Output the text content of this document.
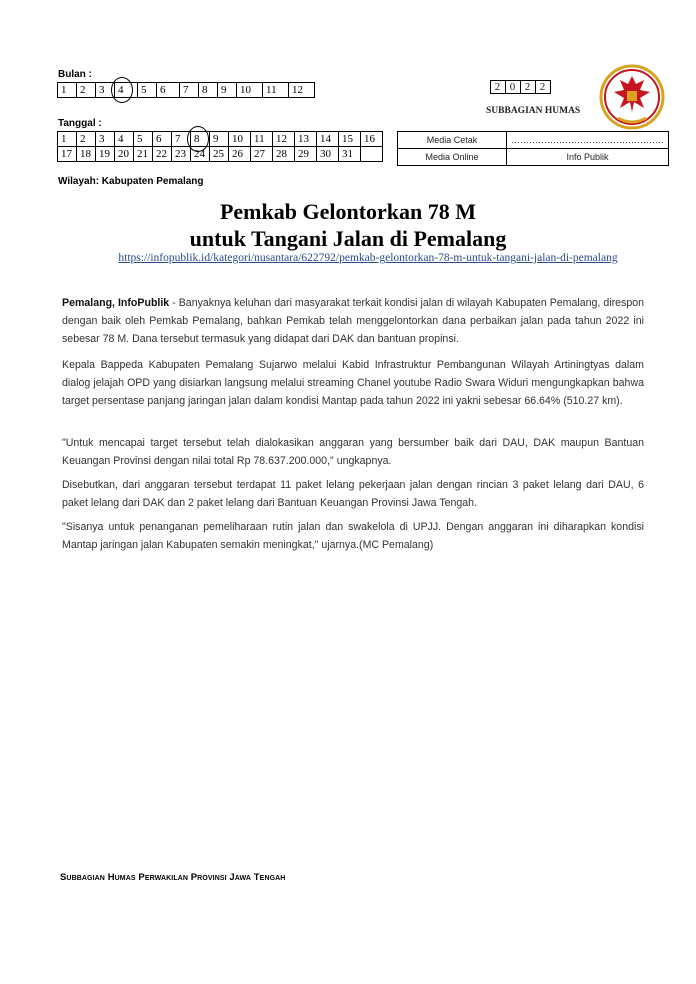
Bulan :
1	2	3	4	5	6	7	8	9	10	11	12
Tanggal :
1	2	3	4	5	6	7	8	9	10	11	12	13	14	15	16
17	18	19	20	21	22	23	24	25	26	27	28	29	30	31	
2	0	2	2
SUBBAGIAN HUMAS
Media Cetak	……………………………………………
Media Online	Info Publik
Wilayah: Kabupaten Pemalang
Pemkab Gelontorkan 78 M
untuk Tangani Jalan di Pemalang
https://infopublik.id/kategori/nusantara/622792/pemkab-gelontorkan-78-m-untuk-tangani-jalan-di-pemalang
Pemalang, InfoPublik - Banyaknya keluhan dari masyarakat terkait kondisi jalan di wilayah Kabupaten Pemalang, direspon dengan baik oleh Pemkab Pemalang, bahkan Pemkab telah menggelontorkan dana perbaikan jalan pada tahun 2022 ini sebesar 78 M. Dana tersebut termasuk yang didapat dari DAK dan bantuan propinsi.
Kepala Bappeda Kabupaten Pemalang Sujarwo melalui Kabid Infrastruktur Pembangunan Wilayah Artiningtyas dalam dialog jelajah OPD yang disiarkan langsung melalui streaming Chanel youtube Radio Swara Widuri mengungkapkan bahwa target persentase panjang jaringan jalan dalam kondisi Mantap pada tahun 2022 ini yakni sebesar 66.64% (510.27 km).
"Untuk mencapai target tersebut telah dialokasikan anggaran yang bersumber baik dari DAU, DAK maupun Bantuan Keuangan Provinsi dengan nilai total Rp 78.637.200.000," ungkapnya.
Disebutkan, dari anggaran tersebut terdapat 11 paket lelang pekerjaan jalan dengan rincian 3 paket lelang dari DAU, 6 paket lelang dari DAK dan 2 paket lelang dari Bantuan Keuangan Provinsi Jawa Tengah.
"Sisanya untuk penanganan pemeliharaan rutin jalan dan swakelola di UPJJ. Dengan anggaran ini diharapkan kondisi Mantap jaringan jalan Kabupaten semakin meningkat," ujarnya.(MC Pemalang)
Subbagian Humas Perwakilan Provinsi Jawa Tengah
